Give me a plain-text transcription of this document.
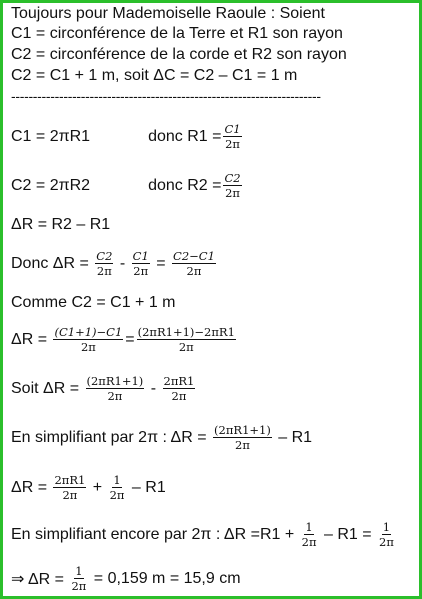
Toujours pour Mademoiselle Raoule : Soient
C1 = circonférence de la Terre et R1 son rayon
C2 = circonférence de la corde et R2 son rayon
C2 = C1 + 1 m, soit ΔC = C2 – C1 = 1 m
-----------------------------------------------------------------------
C1 = 2πR1	donc $R1 = \frac{C1}{2\pi}$
C2 = 2πR2	donc $R2 = \frac{C2}{2\pi}$
ΔR = R2 – R1
Donc ΔR =
$\frac{C2}{2\pi}$
-
$\frac{C1}{2\pi}$
=
$\frac{C2-C1}{2\pi}$
Comme C2 = C1 + 1 m
ΔR =
$\frac{(C1+1)-C1}{2\pi} = \frac{(2\pi R1+1)-2\pi R1}{2\pi}$
Soit ΔR =
$\frac{(2\pi R1+1)}{2\pi}$
-
$\frac{2\pi R1}{2\pi}$
En simplifiant par 2π : ΔR =
$\frac{(2\pi R1+1)}{2\pi}$
– R1
ΔR =
$\frac{2\pi R1}{2\pi}$
+
$\frac{1}{2\pi}$
– R1
En simplifiant encore par 2π : ΔR =R1 +
$\frac{1}{2\pi}$
– R1 =
$\frac{1}{2\pi}$
⇒ ΔR =
$\frac{1}{2\pi}$
= 0,159 m = 15,9 cm
